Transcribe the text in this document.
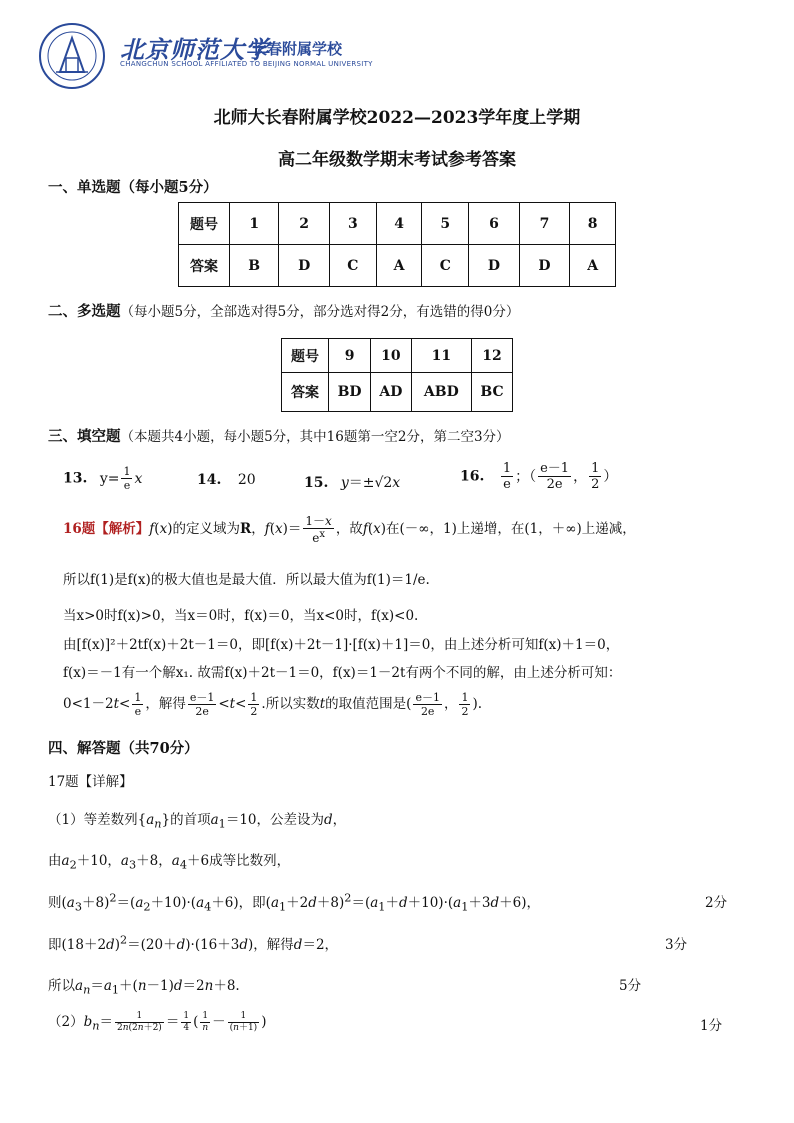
北京师范大学
长春附属学校
CHANGCHUN SCHOOL AFFILIATED TO BEIJING NORMAL UNIVERSITY
北师大长春附属学校2022—2023学年度上学期
高二年级数学期末考试参考答案
一、单选题（每小题5分）
题号	1	2	3	4	5	6	7	8
答案	B	D	C	A	C	D	D	A
二、多选题（每小题5分，全部选对得5分，部分选对得2分，有选错的得0分）
题号	9	10	11	12
答案	BD	AD	ABD	BC
三、填空题（本题共4小题，每小题5分，其中16题第一空2分，第二空3分）
13. $y= \frac{1}{e}$ x	14. 20	15. y＝±√2x	16. $\frac{1}{e}$ ；（ $\frac{e-1}{2e}$ ， $\frac{1}{2}$ ）
16题【解析】f(x)的定义域为R，$f(x)= \frac{1-x}{e^x}$ ，故f(x)在(－∞，1)上递增，在(1，＋∞)上递减，
所以f(1)是f(x)的极大值也是最大值．所以最大值为f(1)＝1/e.
当x>0时f(x)>0，当x＝0时，f(x)＝0，当x<0时，f(x)<0.
由[f(x)]²＋2tf(x)＋2t－1＝0，即[f(x)＋2t－1]·[f(x)＋1]＝0，由上述分析可知f(x)＋1＝0，
f(x)＝－1有一个解x₁. 故需f(x)＋2t－1＝0，f(x)＝1－2t有两个不同的解，由上述分析可知：
$0<1-2t< \frac{1}{e}$ ，解得 $\frac{e-1}{2e} <t< \frac{1}{2}$ .所以实数t的取值范围是( $\frac{e-1}{2e}$ ， $\frac{1}{2}$ ).
四、解答题（共70分）
17题【详解】
（1）等差数列$\{a_n\}$的首项$a_1=10$，公差设为d，
由$a_2+10$，$a_3+8$，$a_4+6$成等比数列，
则$(a_3+8)^2=(a_2+10)\cdot(a_4+6)$，即$(a_1+2d+8)^2=(a_1+d+10)\cdot(a_1+3d+6)$，	2分
即$(18+2d)^2=(20+d)\cdot(16+3d)$，解得d＝2，	3分
所以$a_n=a_1+(n-1)d=2n+8$.	5分
$(2)b_n= \frac{1}{2n(2n+2)} = \frac{1}{4}$ ( $\frac{1}{n} - \frac{1}{(n+1)}$ )	1分
